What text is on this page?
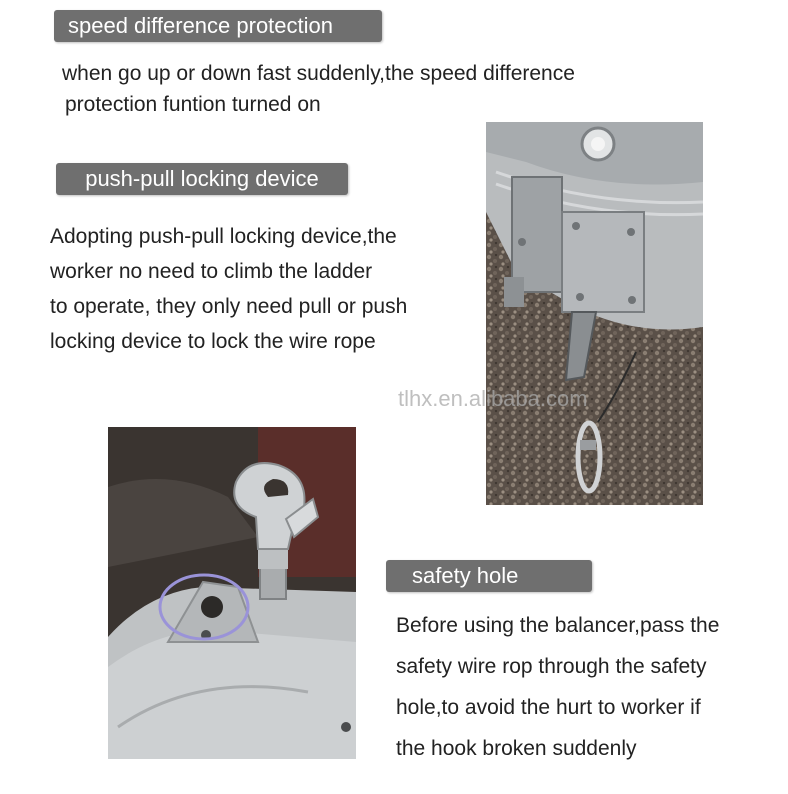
speed difference protection
when go up or down fast suddenly,the speed difference
protection funtion turned on
push-pull locking device
Adopting push-pull locking device,the
worker no need to climb the ladder
to operate, they only need pull or push
locking device to lock the wire rope
tlhx.en.alibaba.com
safety hole
Before using the balancer,pass the
safety wire rop through the safety
hole,to avoid the hurt to worker if
the hook broken suddenly
